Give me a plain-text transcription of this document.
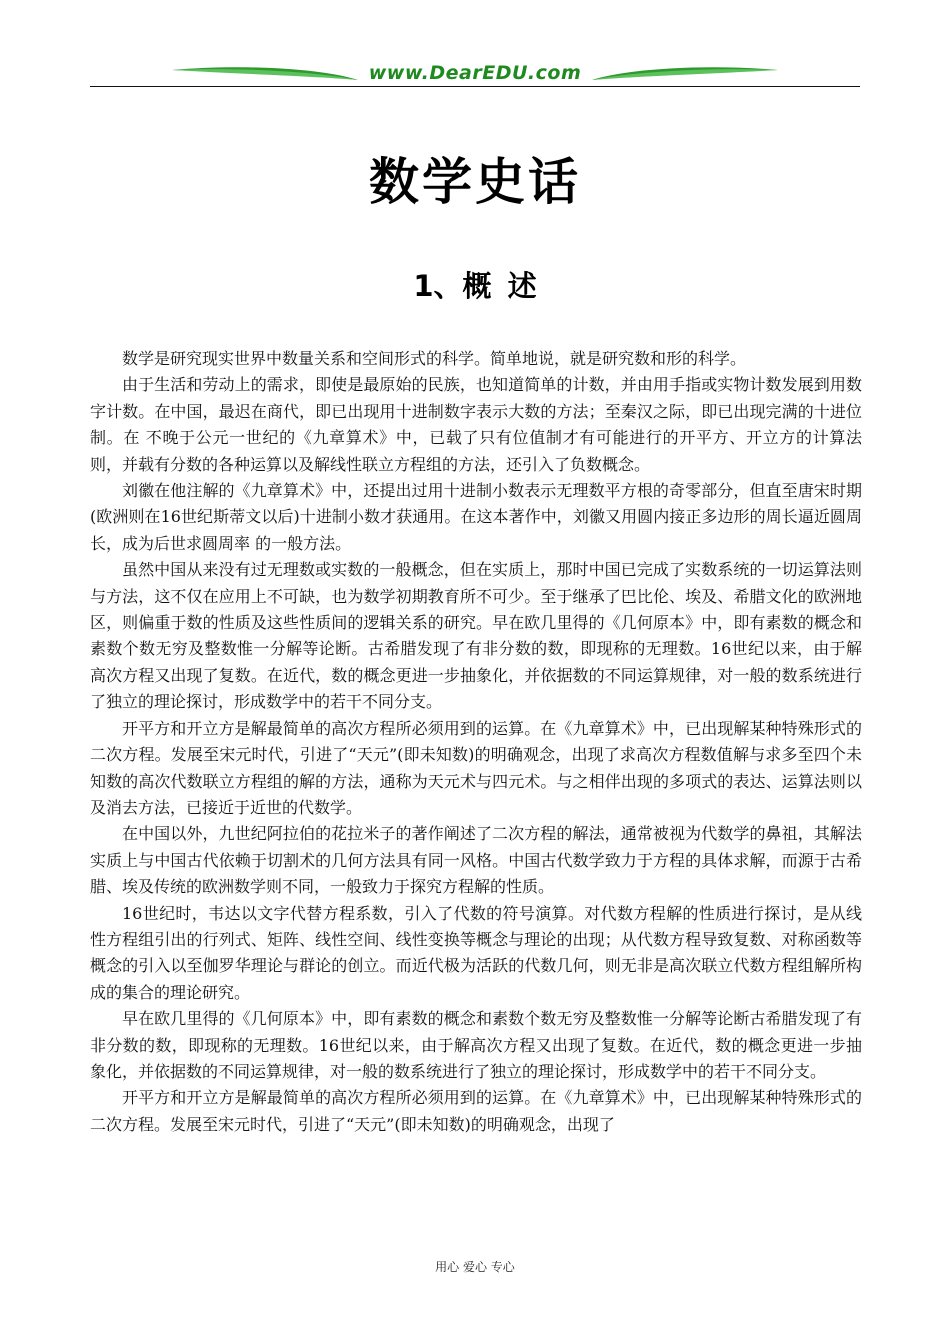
www.DearEDU.com
数学史话
1、概 述

数学是研究现实世界中数量关系和空间形式的科学。简单地说，就是研究数和形的科学。

由于生活和劳动上的需求，即使是最原始的民族，也知道简单的计数，并由用手指或实物计数发展到用数字计数。在中国，最迟在商代，即已出现用十进制数字表示大数的方法；至秦汉之际，即已出现完满的十进位制。在 不晚于公元一世纪的《九章算术》中，已载了只有位值制才有可能进行的开平方、开立方的计算法则，并载有分数的各种运算以及解线性联立方程组的方法，还引入了负数概念。

刘徽在他注解的《九章算术》中，还提出过用十进制小数表示无理数平方根的奇零部分，但直至唐宋时期(欧洲则在16世纪斯蒂文以后)十进制小数才获通用。在这本著作中，刘徽又用圆内接正多边形的周长逼近圆周长，成为后世求圆周率 的一般方法。

虽然中国从来没有过无理数或实数的一般概念，但在实质上，那时中国已完成了实数系统的一切运算法则与方法，这不仅在应用上不可缺，也为数学初期教育所不可少。至于继承了巴比伦、埃及、希腊文化的欧洲地区，则偏重于数的性质及这些性质间的逻辑关系的研究。早在欧几里得的《几何原本》中，即有素数的概念和素数个数无穷及整数惟一分解等论断。古希腊发现了有非分数的数，即现称的无理数。16世纪以来，由于解高次方程又出现了复数。在近代，数的概念更进一步抽象化，并依据数的不同运算规律，对一般的数系统进行了独立的理论探讨，形成数学中的若干不同分支。

开平方和开立方是解最简单的高次方程所必须用到的运算。在《九章算术》中，已出现解某种特殊形式的二次方程。发展至宋元时代，引进了“天元”(即未知数)的明确观念，出现了求高次方程数值解与求多至四个未知数的高次代数联立方程组的解的方法，通称为天元术与四元术。与之相伴出现的多项式的表达、运算法则以及消去方法，已接近于近世的代数学。

在中国以外，九世纪阿拉伯的花拉米子的著作阐述了二次方程的解法，通常被视为代数学的鼻祖，其解法实质上与中国古代依赖于切割术的几何方法具有同一风格。中国古代数学致力于方程的具体求解，而源于古希腊、埃及传统的欧洲数学则不同，一般致力于探究方程解的性质。

16世纪时，韦达以文字代替方程系数，引入了代数的符号演算。对代数方程解的性质进行探讨，是从线性方程组引出的行列式、矩阵、线性空间、线性变换等概念与理论的出现；从代数方程导致复数、对称函数等概念的引入以至伽罗华理论与群论的创立。而近代极为活跃的代数几何，则无非是高次联立代数方程组解所构成的集合的理论研究。

早在欧几里得的《几何原本》中，即有素数的概念和素数个数无穷及整数惟一分解等论断古希腊发现了有非分数的数，即现称的无理数。16世纪以来，由于解高次方程又出现了复数。在近代，数的概念更进一步抽象化，并依据数的不同运算规律，对一般的数系统进行了独立的理论探讨，形成数学中的若干不同分支。

开平方和开立方是解最简单的高次方程所必须用到的运算。在《九章算术》中，已出现解某种特殊形式的二次方程。发展至宋元时代，引进了“天元”(即未知数)的明确观念，出现了

用心 爱心 专心
